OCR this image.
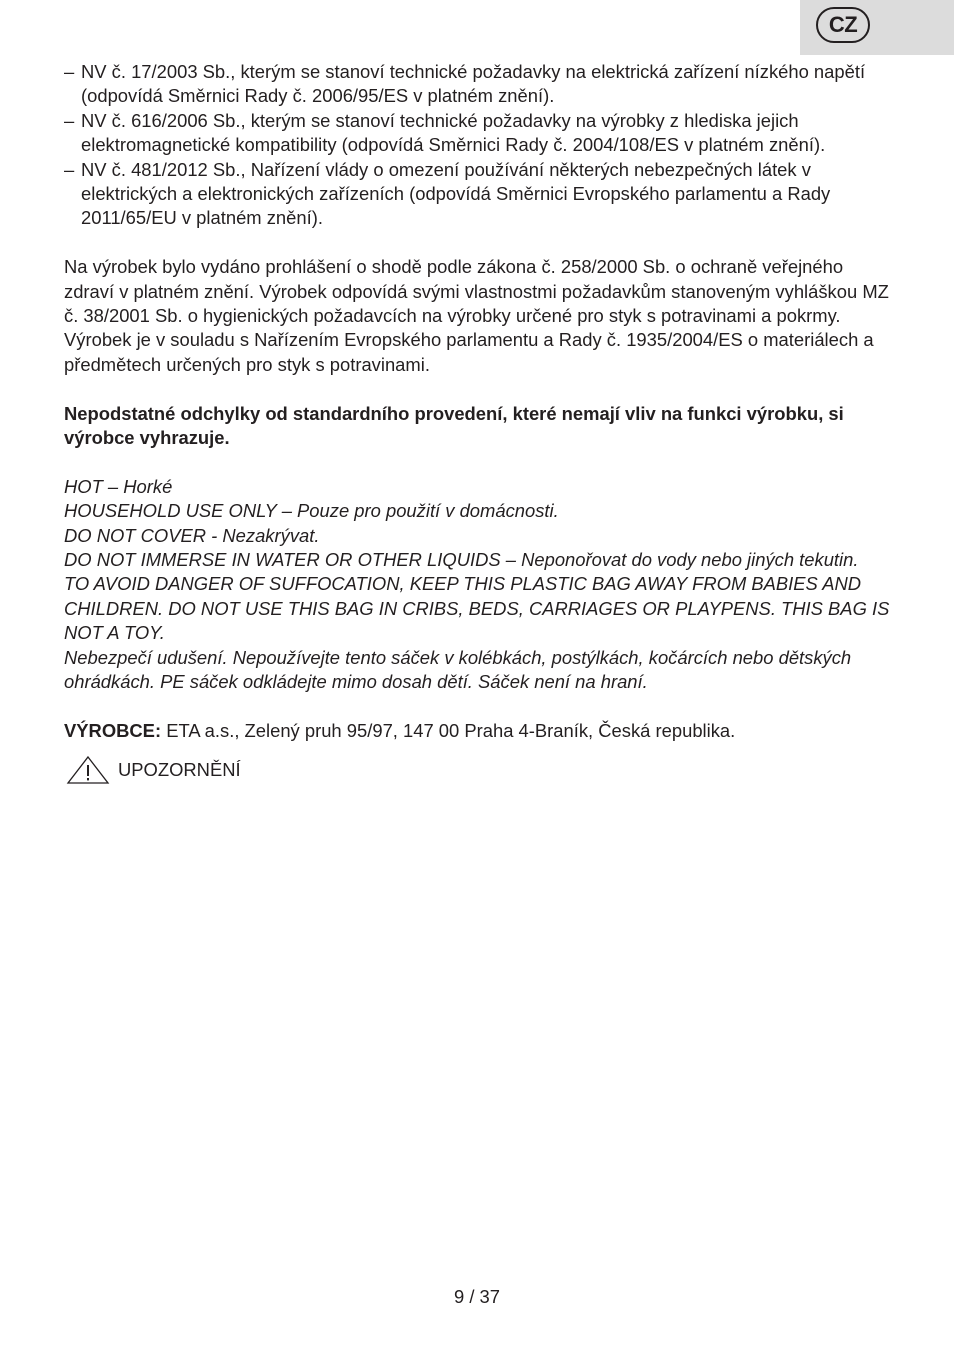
CZ
– NV č. 17/2003 Sb., kterým se stanoví technické požadavky na elektrická zařízení nízkého napětí (odpovídá Směrnici Rady č. 2006/95/ES v platném znění).
– NV č. 616/2006 Sb., kterým se stanoví technické požadavky na výrobky z hlediska jejich elektromagnetické kompatibility (odpovídá Směrnici Rady č. 2004/108/ES v platném znění).
– NV č. 481/2012 Sb., Nařízení vlády o omezení používání některých nebezpečných látek v elektrických a elektronických zařízeních (odpovídá Směrnici Evropského parlamentu a Rady 2011/65/EU v platném znění).

Na výrobek bylo vydáno prohlášení o shodě podle zákona č. 258/2000 Sb. o ochraně veřejného zdraví v platném znění. Výrobek odpovídá svými vlastnostmi požadavkům stanoveným vyhláškou MZ č. 38/2001 Sb. o hygienických požadavcích na výrobky určené pro styk s potravinami a pokrmy. Výrobek je v souladu s Nařízením Evropského parlamentu a Rady č. 1935/2004/ES o materiálech a předmětech určených pro styk s potravinami.

Nepodstatné odchylky od standardního provedení, které nemají vliv na funkci výrobku, si výrobce vyhrazuje.

HOT – Horké

HOUSEHOLD USE ONLY – Pouze pro použití v domácnosti.

DO NOT COVER - Nezakrývat.

DO NOT IMMERSE IN WATER OR OTHER LIQUIDS – Neponořovat do vody nebo jiných tekutin.

TO AVOID DANGER OF SUFFOCATION, KEEP THIS PLASTIC BAG AWAY FROM BABIES AND CHILDREN. DO NOT USE THIS BAG IN CRIBS, BEDS, CARRIAGES OR PLAYPENS. THIS BAG IS NOT A TOY.

Nebezpečí udušení. Nepoužívejte tento sáček v kolébkách, postýlkách, kočárcích nebo dětských ohrádkách. PE sáček odkládejte mimo dosah dětí. Sáček není na hraní.

VÝROBCE: ETA a.s., Zelený pruh 95/97, 147 00 Praha 4-Braník, Česká republika.

UPOZORNĚNÍ
9 / 37
